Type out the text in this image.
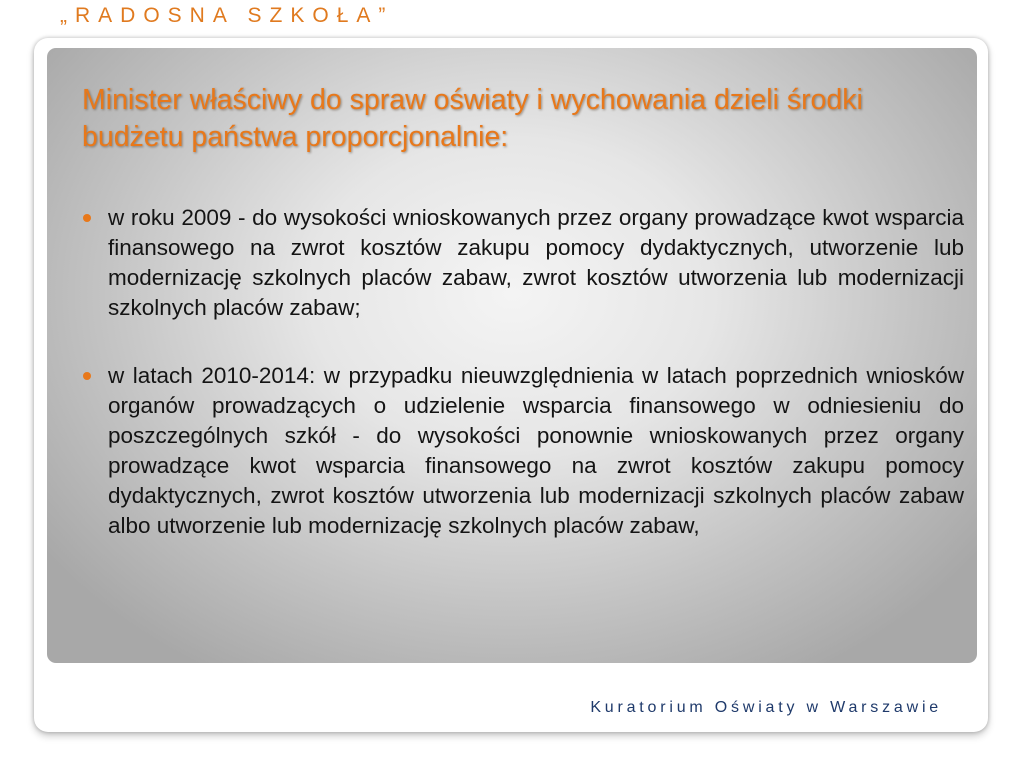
„RADOSNA SZKOŁA”
Minister właściwy do spraw oświaty i wychowania dzieli środki budżetu państwa proporcjonalnie:
w roku 2009 - do wysokości wnioskowanych przez organy prowadzące kwot wsparcia finansowego na zwrot kosztów zakupu pomocy dydaktycznych, utworzenie lub modernizację szkolnych placów zabaw, zwrot kosztów utworzenia lub modernizacji szkolnych placów zabaw;
w latach 2010-2014: w przypadku nieuwzględnienia w latach poprzednich wniosków organów prowadzących o udzielenie wsparcia finansowego w odniesieniu do poszczególnych szkół - do wysokości ponownie wnioskowanych przez organy prowadzące kwot wsparcia finansowego na zwrot kosztów zakupu pomocy dydaktycznych, zwrot kosztów utworzenia lub modernizacji szkolnych placów zabaw albo utworzenie lub modernizację szkolnych placów zabaw,
Kuratorium Oświaty w Warszawie
